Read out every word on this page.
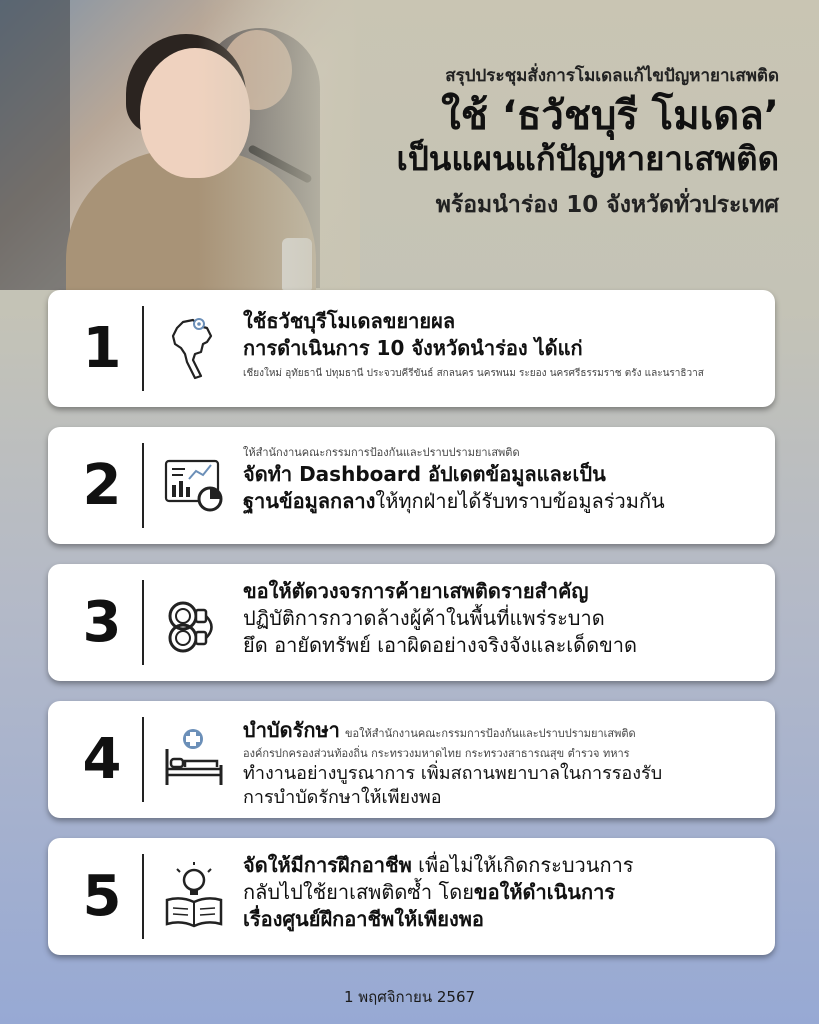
สรุปประชุมสั่งการโมเดลแก้ไขปัญหายาเสพติด
ใช้ ‘ธวัชบุรี โมเดล’
เป็นแผนแก้ปัญหายาเสพติด
พร้อมนำร่อง 10 จังหวัดทั่วประเทศ
1	ใช้ธวัชบุรีโมเดลขยายผล
การดำเนินการ 10 จังหวัดนำร่อง ได้แก่
เชียงใหม่ อุทัยธานี ปทุมธานี ประจวบคีรีขันธ์ สกลนคร นครพนม ระยอง นครศรีธรรมราช ตรัง และนราธิวาส
2
ให้สำนักงานคณะกรรมการป้องกันและปราบปรามยาเสพติด
จัดทำ Dashboard อัปเดตข้อมูลและเป็น
ฐานข้อมูลกลางให้ทุกฝ่ายได้รับทราบข้อมูลร่วมกัน
3	ขอให้ตัดวงจรการค้ายาเสพติดรายสำคัญ
ปฏิบัติการกวาดล้างผู้ค้าในพื้นที่แพร่ระบาด
ยึด อายัดทรัพย์ เอาผิดอย่างจริงจังและเด็ดขาด
4	บำบัดรักษา ขอให้สำนักงานคณะกรรมการป้องกันและปราบปรามยาเสพติด
องค์กรปกครองส่วนท้องถิ่น กระทรวงมหาดไทย กระทรวงสาธารณสุข ตำรวจ ทหาร
ทำงานอย่างบูรณาการ เพิ่มสถานพยาบาลในการรองรับ
การบำบัดรักษาให้เพียงพอ
5	จัดให้มีการฝึกอาชีพ เพื่อไม่ให้เกิดกระบวนการ
กลับไปใช้ยาเสพติดซ้ำ โดยขอให้ดำเนินการ
เรื่องศูนย์ฝึกอาชีพให้เพียงพอ
1 พฤศจิกายน 2567
